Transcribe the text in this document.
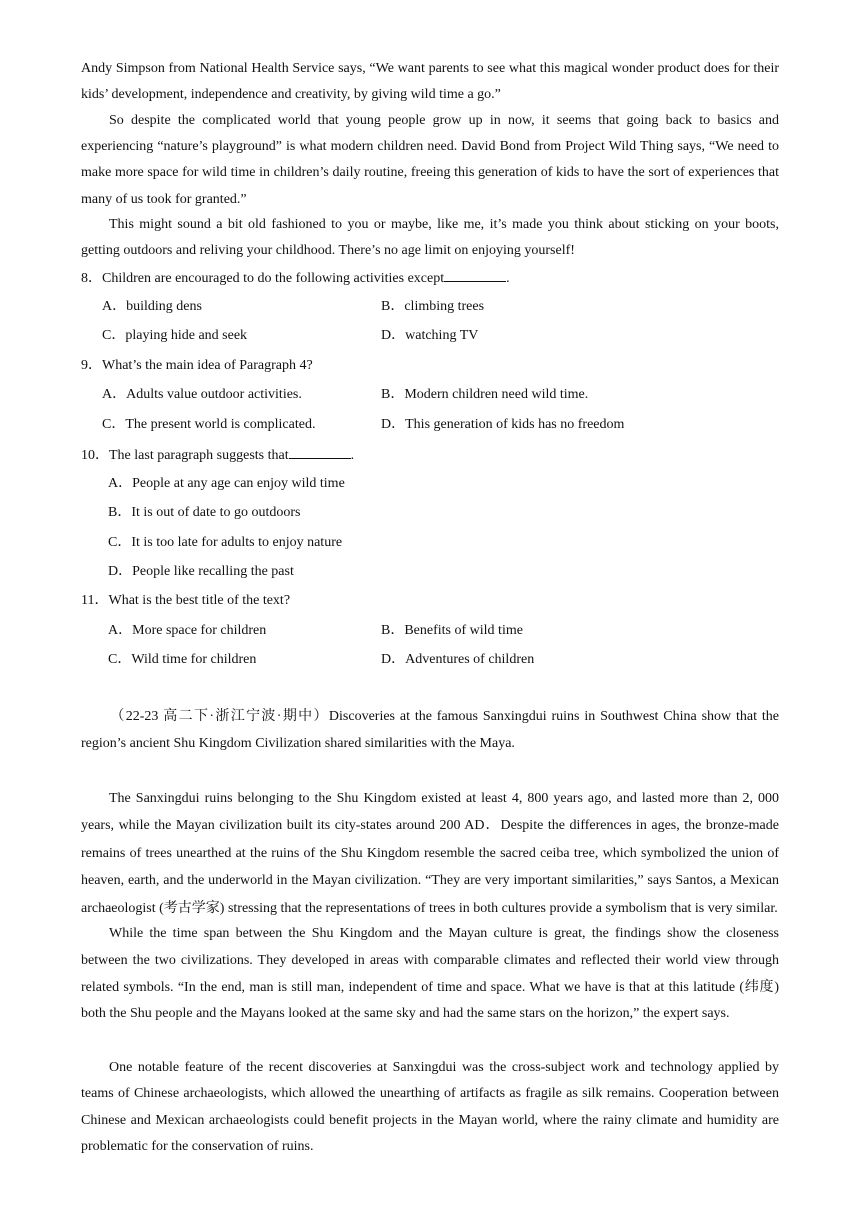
Andy Simpson from National Health Service says, “We want parents to see what this magical wonder product does for their kids’ development, independence and creativity, by giving wild time a go.”

So despite the complicated world that young people grow up in now, it seems that going back to basics and experiencing “nature’s playground” is what modern children need. David Bond from Project Wild Thing says, “We need to make more space for wild time in children’s daily routine, freeing this generation of kids to have the sort of experiences that many of us took for granted.”

This might sound a bit old fashioned to you or maybe, like me, it’s made you think about sticking on your boots, getting outdoors and reliving your childhood. There’s no age limit on enjoying yourself!

8．Children are encouraged to do the following activities except	.
A．building dens	B．climbing trees
C．playing hide and seek	D．watching TV
9．What’s the main idea of Paragraph 4?
A．Adults value outdoor activities.	B．Modern children need wild time.
C．The present world is complicated.	D．This generation of kids has no freedom
10．The last paragraph suggests that	.
A．People at any age can enjoy wild time
B．It is out of date to go outdoors
C．It is too late for adults to enjoy nature
D．People like recalling the past
11．What is the best title of the text?
A．More space for children	B．Benefits of wild time
C．Wild time for children	D．Adventures of children

（22-23 高二下·浙江宁波·期中）Discoveries at the famous Sanxingdui ruins in Southwest China show that the region’s ancient Shu Kingdom Civilization shared similarities with the Maya.

The Sanxingdui ruins belonging to the Shu Kingdom existed at least 4, 800 years ago, and lasted more than 2, 000 years, while the Mayan civilization built its city-states around 200 AD．Despite the differences in ages, the bronze-made remains of trees unearthed at the ruins of the Shu Kingdom resemble the sacred ceiba tree, which symbolized the union of heaven, earth, and the underworld in the Mayan civilization. “They are very important similarities,” says Santos, a Mexican archaeologist (考古学家) stressing that the representations of trees in both cultures provide a symbolism that is very similar.

While the time span between the Shu Kingdom and the Mayan culture is great, the findings show the closeness between the two civilizations. They developed in areas with comparable climates and reflected their world view through related symbols. “In the end, man is still man, independent of time and space. What we have is that at this latitude (纬度) both the Shu people and the Mayans looked at the same sky and had the same stars on the horizon,” the expert says.

One notable feature of the recent discoveries at Sanxingdui was the cross-subject work and technology applied by teams of Chinese archaeologists, which allowed the unearthing of artifacts as fragile as silk remains. Cooperation between Chinese and Mexican archaeologists could benefit projects in the Mayan world, where the rainy climate and humidity are problematic for the conservation of ruins.
